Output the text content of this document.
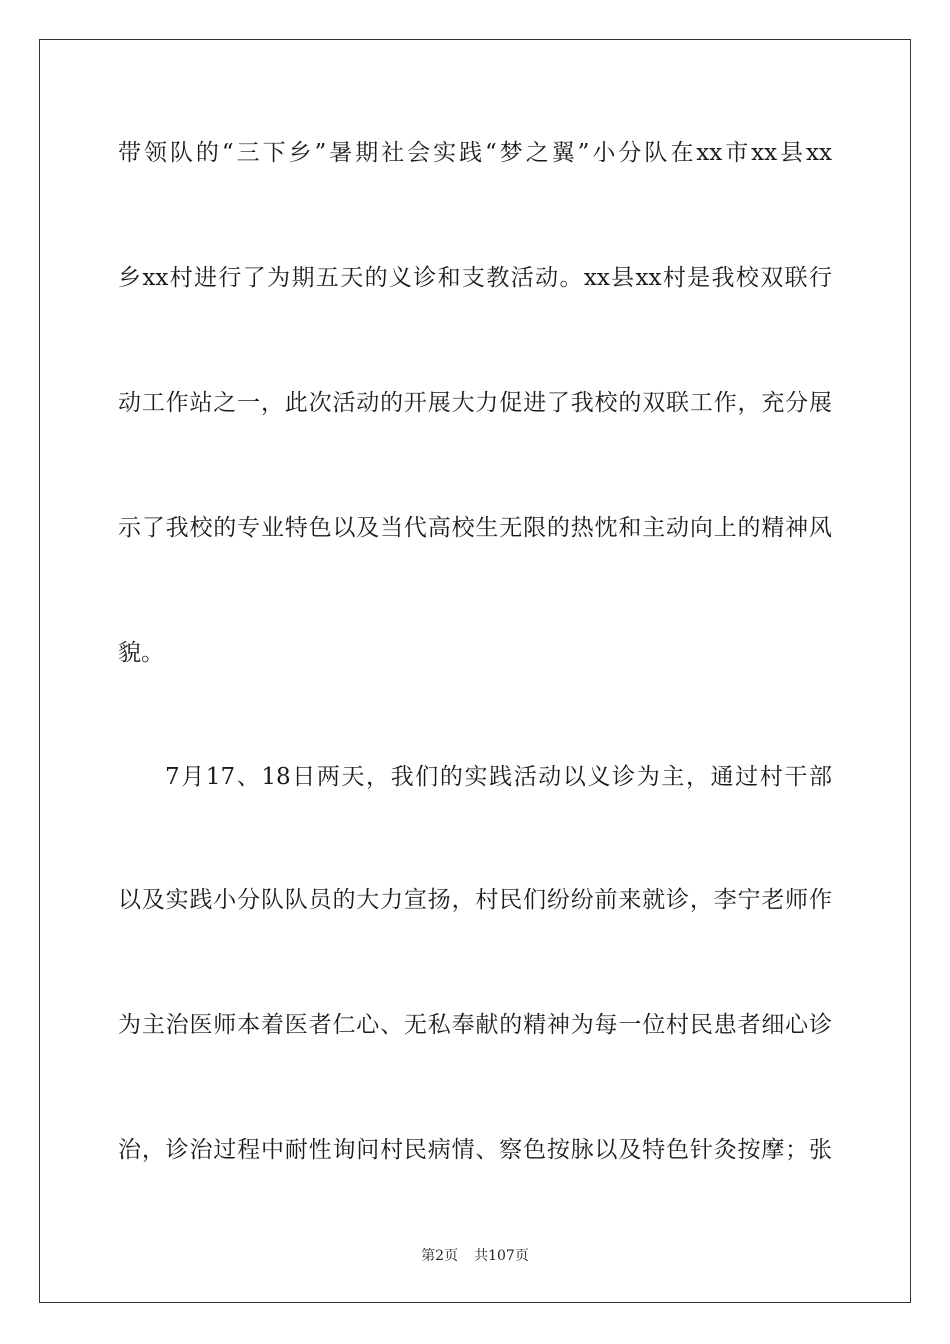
带领队的“三下乡”暑期社会实践“梦之翼”小分队在xx市xx县xx
乡xx村进行了为期五天的义诊和支教活动。xx县xx村是我校双联行
动工作站之一，此次活动的开展大力促进了我校的双联工作，充分展
示了我校的专业特色以及当代高校生无限的热忱和主动向上的精神风
貌。
7月17、18日两天，我们的实践活动以义诊为主，通过村干部
以及实践小分队队员的大力宣扬，村民们纷纷前来就诊，李宁老师作
为主治医师本着医者仁心、无私奉献的精神为每一位村民患者细心诊
治，诊治过程中耐性询问村民病情、察色按脉以及特色针灸按摩；张
第2页 共107页
